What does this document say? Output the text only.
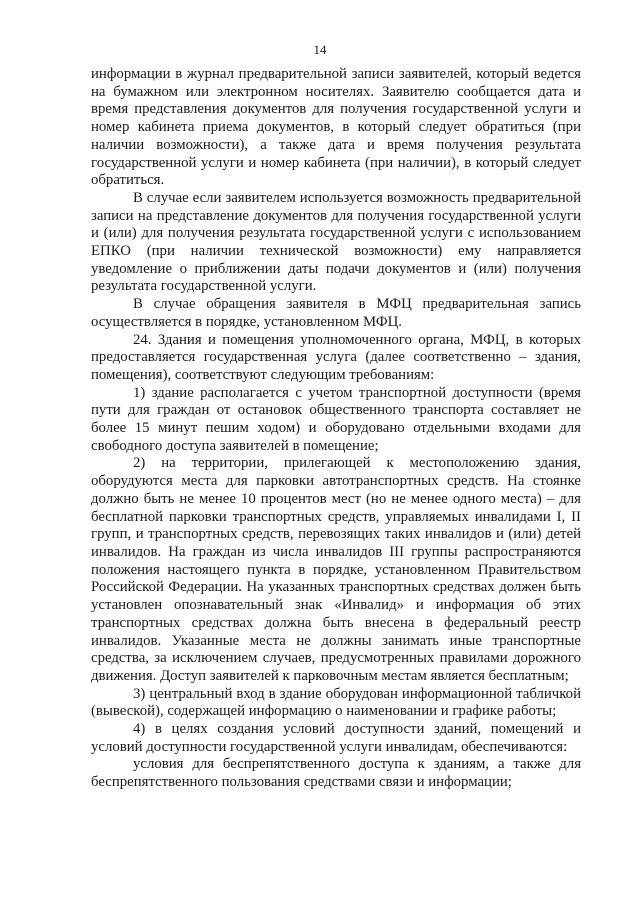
14

информации в журнал предварительной записи заявителей, который ведется на бумажном или электронном носителях. Заявителю сообщается дата и время представления документов для получения государственной услуги и номер кабинета приема документов, в который следует обратиться (при наличии возможности), а также дата и время получения результата государственной услуги и номер кабинета (при наличии), в который следует обратиться.

В случае если заявителем используется возможность предварительной записи на представление документов для получения государственной услуги и (или) для получения результата государственной услуги с использованием ЕПКО (при наличии технической возможности) ему направляется уведомление о приближении даты подачи документов и (или) получения результата государственной услуги.

В случае обращения заявителя в МФЦ предварительная запись осуществляется в порядке, установленном МФЦ.

24. Здания и помещения уполномоченного органа, МФЦ, в которых предоставляется государственная услуга (далее соответственно – здания, помещения), соответствуют следующим требованиям:

1) здание располагается с учетом транспортной доступности (время пути для граждан от остановок общественного транспорта составляет не более 15 минут пешим ходом) и оборудовано отдельными входами для свободного доступа заявителей в помещение;

2) на территории, прилегающей к местоположению здания, оборудуются места для парковки автотранспортных средств. На стоянке должно быть не менее 10 процентов мест (но не менее одного места) – для бесплатной парковки транспортных средств, управляемых инвалидами I, II групп, и транспортных средств, перевозящих таких инвалидов и (или) детей инвалидов. На граждан из числа инвалидов III группы распространяются положения настоящего пункта в порядке, установленном Правительством Российской Федерации. На указанных транспортных средствах должен быть установлен опознавательный знак «Инвалид» и информация об этих транспортных средствах должна быть внесена в федеральный реестр инвалидов. Указанные места не должны занимать иные транспортные средства, за исключением случаев, предусмотренных правилами дорожного движения. Доступ заявителей к парковочным местам является бесплатным;

3) центральный вход в здание оборудован информационной табличкой (вывеской), содержащей информацию о наименовании и графике работы;

4) в целях создания условий доступности зданий, помещений и условий доступности государственной услуги инвалидам, обеспечиваются:

условия для беспрепятственного доступа к зданиям, а также для беспрепятственного пользования средствами связи и информации;
